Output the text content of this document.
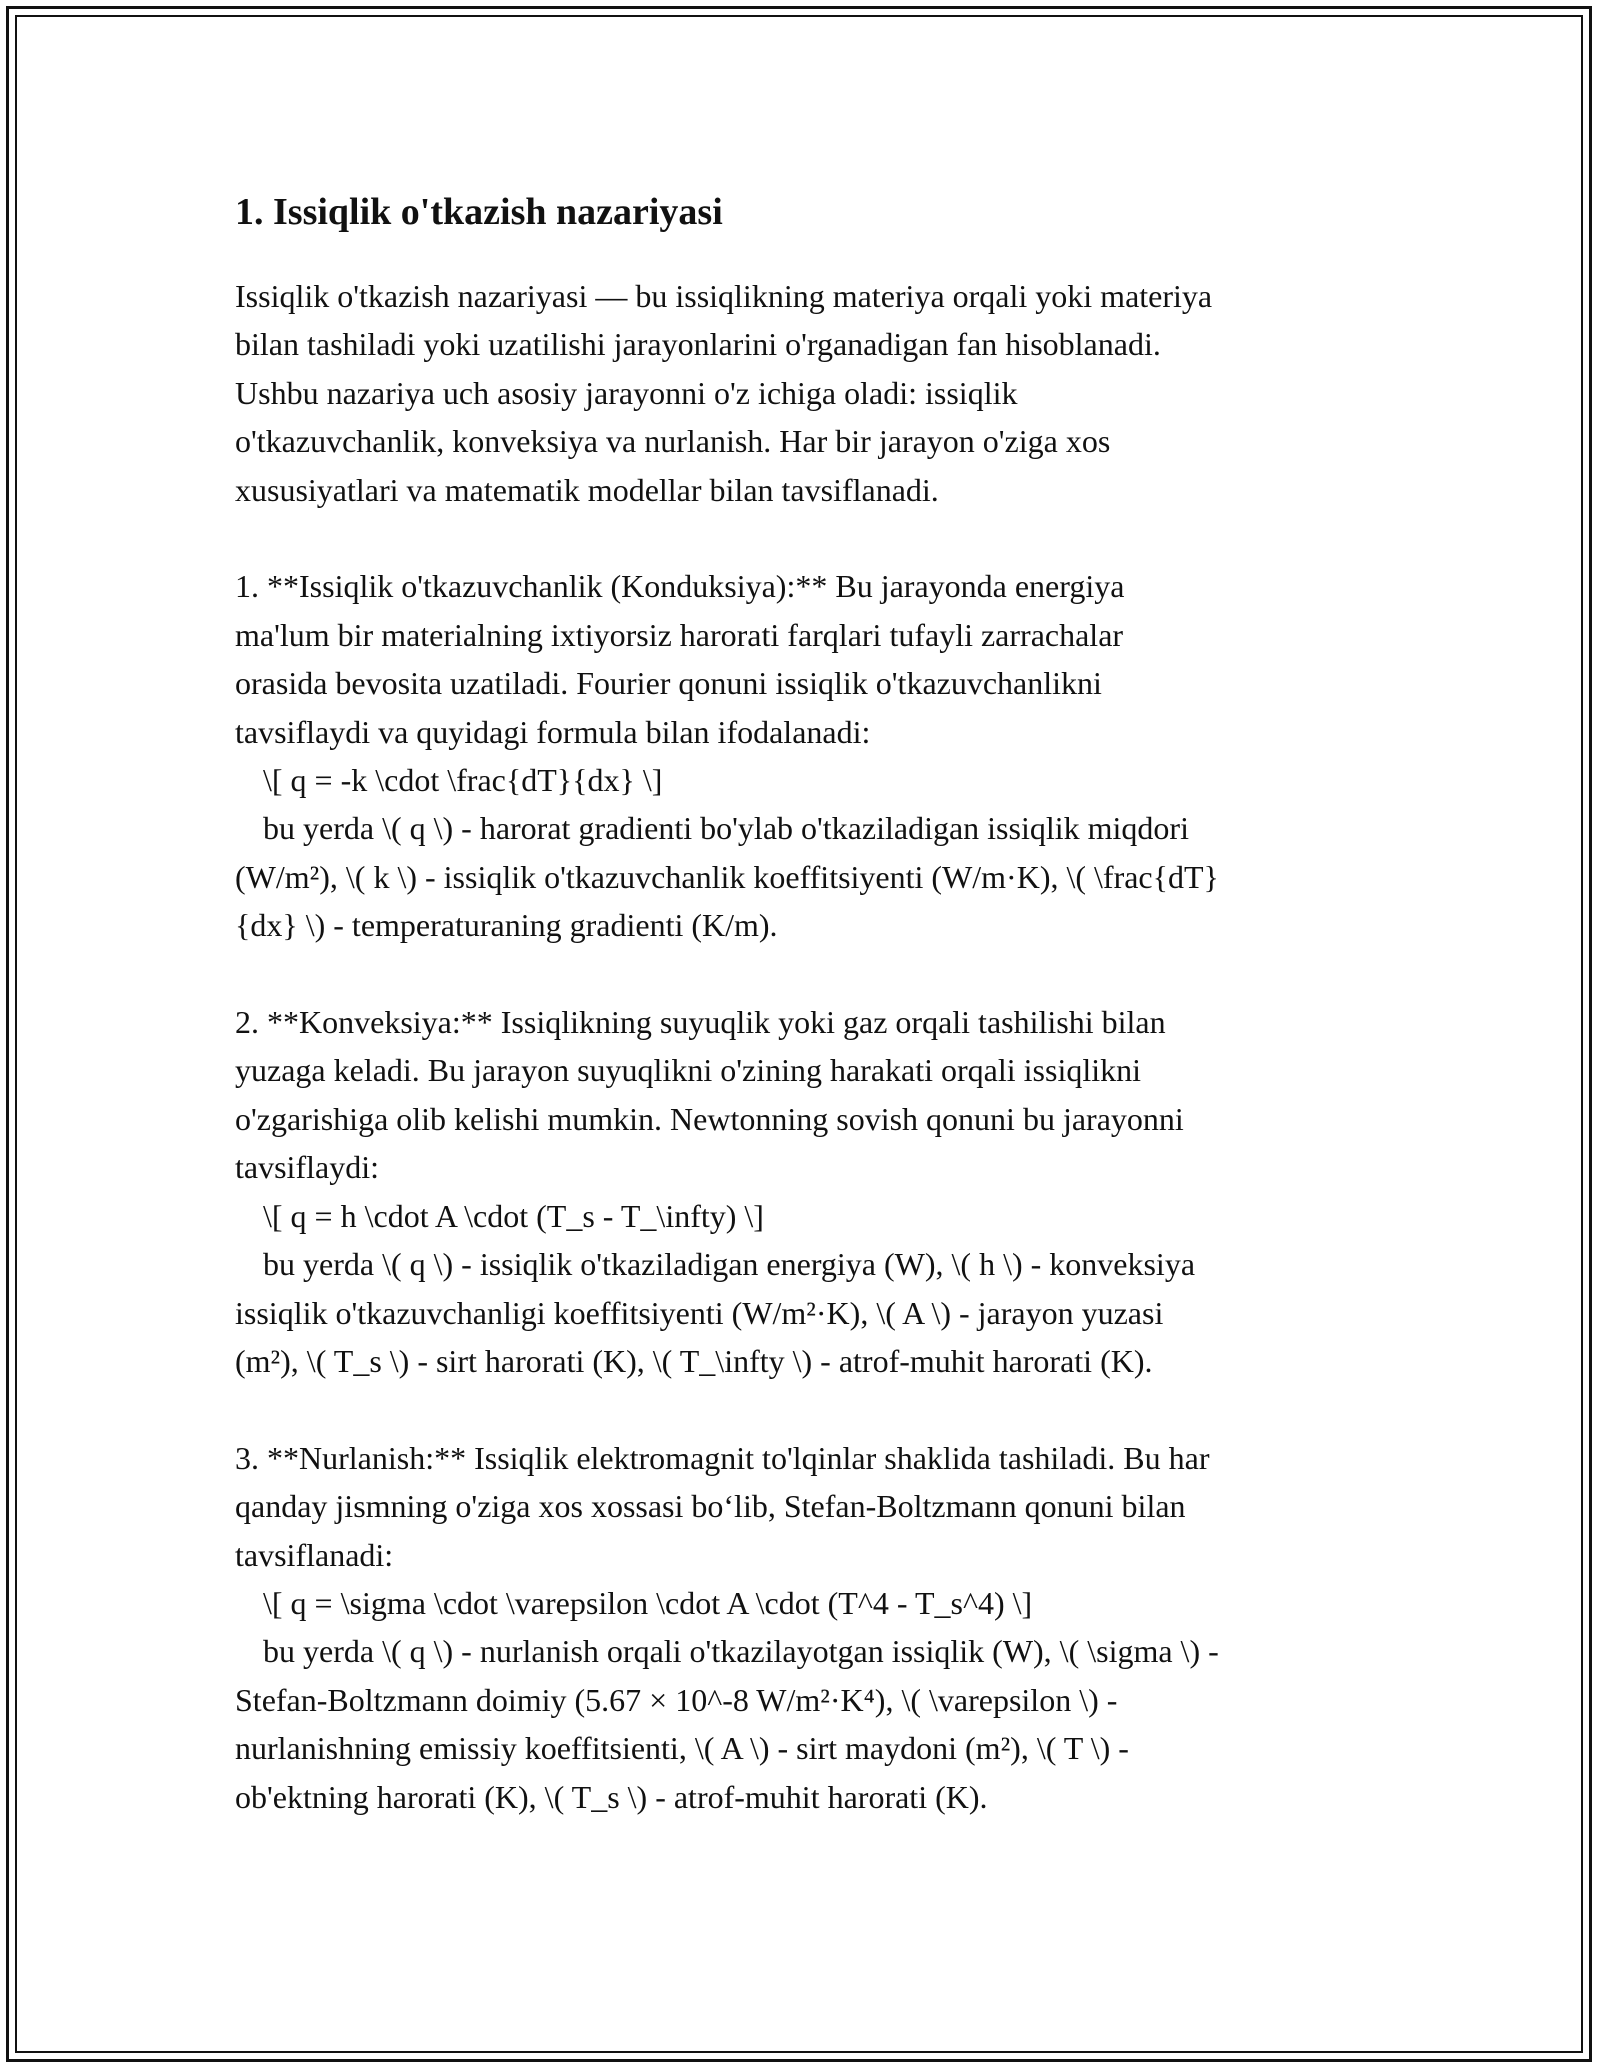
1. Issiqlik o'tkazish nazariyasi
Issiqlik o'tkazish nazariyasi — bu issiqlikning materiya orqali yoki materiya
bilan tashiladi yoki uzatilishi jarayonlarini o'rganadigan fan hisoblanadi.
Ushbu nazariya uch asosiy jarayonni o'z ichiga oladi: issiqlik
o'tkazuvchanlik, konveksiya va nurlanish. Har bir jarayon o'ziga xos
xususiyatlari va matematik modellar bilan tavsiflanadi.
1. **Issiqlik o'tkazuvchanlik (Konduksiya):** Bu jarayonda energiya
ma'lum bir materialning ixtiyorsiz harorati farqlari tufayli zarrachalar
orasida bevosita uzatiladi. Fourier qonuni issiqlik o'tkazuvchanlikni
tavsiflaydi va quyidagi formula bilan ifodalanadi:
\[ q = -k \cdot \frac{dT}{dx} \]
bu yerda \( q \) - harorat gradienti bo'ylab o'tkaziladigan issiqlik miqdori
(W/m²), \( k \) - issiqlik o'tkazuvchanlik koeffitsiyenti (W/m·K), \( \frac{dT}
{dx} \) - temperaturaning gradienti (K/m).
2. **Konveksiya:** Issiqlikning suyuqlik yoki gaz orqali tashilishi bilan
yuzaga keladi. Bu jarayon suyuqlikni o'zining harakati orqali issiqlikni
o'zgarishiga olib kelishi mumkin. Newtonning sovish qonuni bu jarayonni
tavsiflaydi:
\[ q = h \cdot A \cdot (T_s - T_\infty) \]
bu yerda \( q \) - issiqlik o'tkaziladigan energiya (W), \( h \) - konveksiya
issiqlik o'tkazuvchanligi koeffitsiyenti (W/m²·K), \( A \) - jarayon yuzasi
(m²), \( T_s \) - sirt harorati (K), \( T_\infty \) - atrof-muhit harorati (K).
3. **Nurlanish:** Issiqlik elektromagnit to'lqinlar shaklida tashiladi. Bu har
qanday jismning o'ziga xos xossasi bo‘lib, Stefan-Boltzmann qonuni bilan
tavsiflanadi:
\[ q = \sigma \cdot \varepsilon \cdot A \cdot (T^4 - T_s^4) \]
bu yerda \( q \) - nurlanish orqali o'tkazilayotgan issiqlik (W), \( \sigma \) -
Stefan-Boltzmann doimiy (5.67 × 10^-8 W/m²·K⁴), \( \varepsilon \) -
nurlanishning emissiy koeffitsienti, \( A \) - sirt maydoni (m²), \( T \) -
ob'ektning harorati (K), \( T_s \) - atrof-muhit harorati (K).
